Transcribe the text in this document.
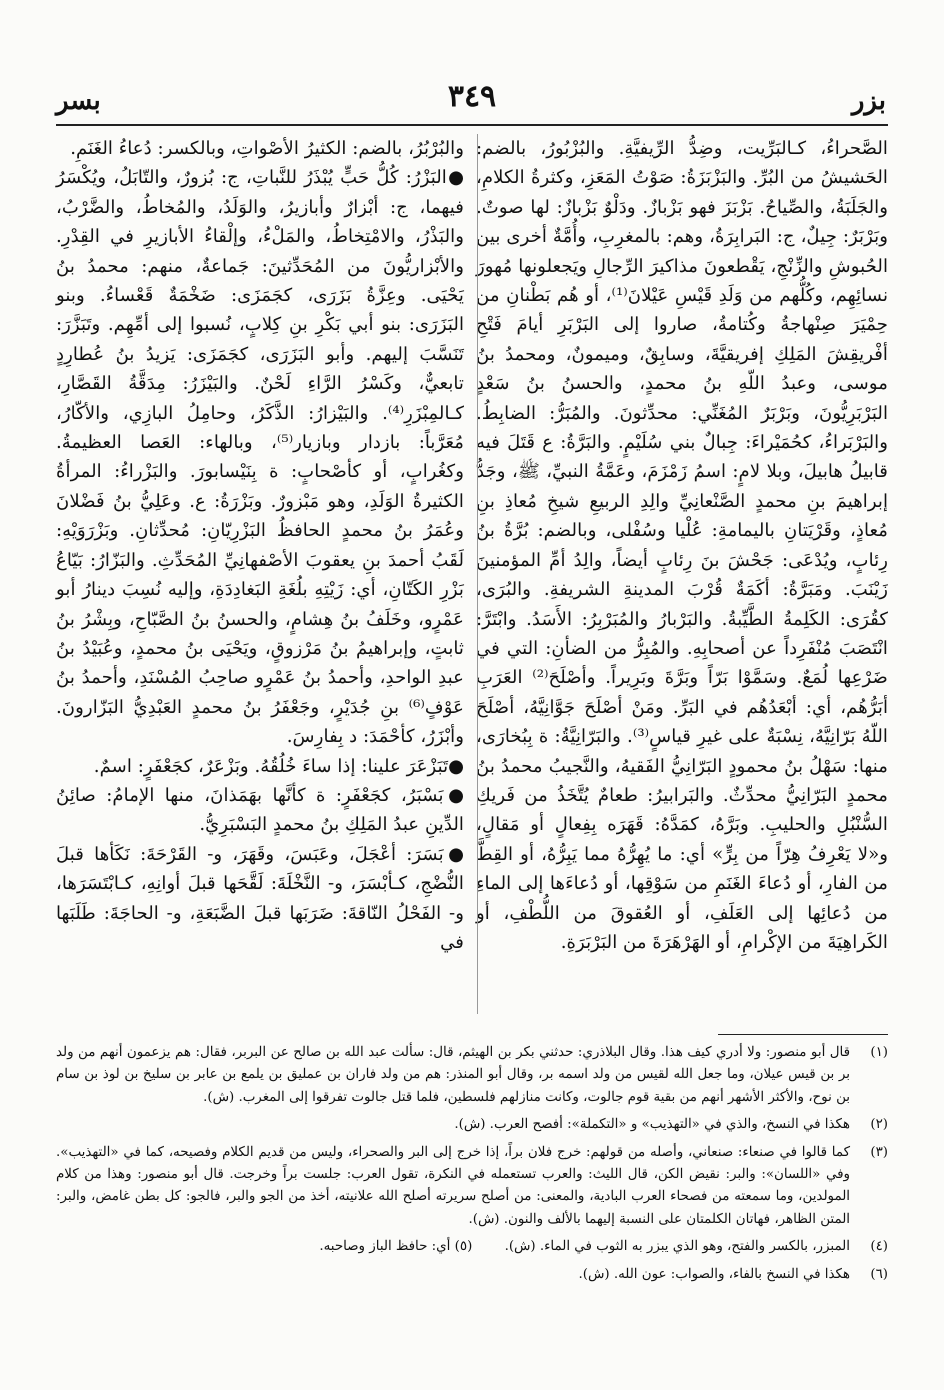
بزر
٣٤٩
بسر

الصَّحراءُ، كـالبَرِّيت، وضِدُّ الرِّيفيَّةِ. والبُزْبُورُ، بالضم: الحَشيشُ من البُرِّ. والبَزْبَزَةُ: صَوْتُ المَعَزِ، وكثرةُ الكلامِ، والجَلَبَةُ، والصِّياحُ. بَزْبَزَ فهو بَزْبازٌ. ودَلْوٌ بَزْبازٌ: لها صوتٌ. وبَرْبَرٌ: جِيلٌ، ج: البَرابِرَةُ، وهم: بالمغرِبِ، وأُمَّةٌ أخرى بين الحُبوشِ والزِّنْجِ، يَقْطعونَ مذاكيرَ الرِّجالِ ويَجعلونها مُهورَ نسائِهِم، وكُلُّهم من وَلَدِ قَيْسِ عَيْلانَ⁽¹⁾، أو هُم بَطْنانِ من حِمْيَرَ صِنْهاجةُ وكُتامةُ، صاروا إلى البَرْبَرِ أيامَ فَتْحِ أفْريقِشَ المَلِكِ إفريقيَّةَ، وسابِقٌ، وميمونٌ، ومحمدُ بنُ موسى، وعبدُ اللّهِ بنُ محمدٍ، والحسنُ بنُ سَعْدٍ البَرْبَرِيُّونَ، وبَرْبَرٌ المُغَنِّي: محدِّثونَ. والمُبَرُّ: الضابِطُ. والبَرْبَراءُ، كحُمَيْراءَ: جِبالٌ بني سُلَيْمٍ. والبَرَّةُ: ع قَتَلَ فيه قابيلُ هابيلَ، وبلا لامٍ: اسمُ زَمْزَمَ، وعَمَّةُ النبيِّ، ﷺ، وجَدُّ إبراهيمَ بنِ محمدٍ الصَّنْعانِيِّ والِدِ الربيعِ شيخِ مُعاذِ بنِ مُعاذٍ، وقَرْيَتانِ باليمامةِ: عُلْيا وسُفْلى، وبالضم: بُرَّةُ بنُ رِئابٍ، ويُدْعَى: جَحْشَ بنَ رِئابٍ أيضاً، والِدُ أمِّ المؤمنينَ زَيْنَبَ. ومَبَرَّةُ: أكَمَةٌ قُرْبَ المدينةِ الشريفةِ. والبُرَى، كقُرَى: الكَلِمةُ الطَّيِّبةُ. والبَرْبارُ والمُبَرْبِرُ: الأَسَدُ. وابْتَرَّ: انْتَصَبَ مُنْفَرِداً عن أصحابِهِ. والمُبِرُّ من الضأنِ: التي في ضَرْعِها لُمَعٌ. وسَمَّوْا بَرّاً وبَرَّةَ وبَرِيراً. وأصْلَحَ⁽²⁾ العَرَبِ أبَرُّهُم، أي: أبْعَدُهُم في البَرِّ. ومَنْ أصْلَحَ جَوَّانِيَّهُ، أصْلَحَ اللّهُ بَرّانِيَّهُ، نِسْبَةٌ على غيرِ قياسٍ⁽³⁾. والبَرّانِيَّةُ: ة بِبُخارَى، منها: سَهْلُ بنُ محمودٍ البَرّانِيُّ الفَقيهُ، والنَّجيبُ محمدُ بنُ محمدٍ البَرّانِيُّ محدِّثٌ. والبَرابيرُ: طعامٌ يُتَّخَذُ من فَريكِ السُّنْبُلِ والحليبِ. وبَرَّهُ، كمَدَّهُ: قَهَرَه بِفِعالٍ أو مَقالٍ، و«لا يَعْرِفُ هِرّاً من بِرٍّ» أي: ما يُهِرُّهُ مما يَبِرُّهُ، أو القِطَّ من الفارِ، أو دُعاءَ الغَنَمِ من سَوْقِها، أو دُعاءَها إلى الماءِ من دُعائِها إلى العَلَفِ، أو العُقوقَ من اللُّطْفِ، أو الكَراهِيَةَ من الإكْرامِ، أو الهَرْهَرَةَ من البَرْبَرَةِ.

والبُرْبُرُ، بالضم: الكثيرُ الأصْواتِ، وبالكسر: دُعاءُ الغَنَمِ.

●البَزْرُ: كُلُّ حَبٍّ يُبْذَرُ للنَّباتِ، ج: بُزورٌ، والتّابَلُ، ويُكْسَرُ فيهما، ج: أبْزارٌ وأبازيرُ، والوَلَدُ، والمُخاطُ، والضَّرْبُ، والبَذْرُ، والامْتِخاطُ، والمَلْءُ، وإلْقاءُ الأبازيرِ في القِدْرِ. والأبْزاريُّونَ من المُحَدِّثينَ: جَماعةٌ، منهم: محمدُ بنُ يَحْيَى. وعِزَّةُ بَزَرَى، كجَمَزَى: ضَخْمَةٌ قَعْساءُ. وبنو البَزَرَى: بنو أبي بَكْرِ بنِ كِلابٍ، نُسبوا إلى أمِّهِم. وتَبَزَّرَ: تَنَسَّبَ إليهم. وأبو البَزَرَى، كجَمَزَى: يَزيدُ بنُ عُطارِدٍ تابعيٌّ، وكَسْرُ الرَّاءِ لَحْنٌ. والبَيْزَرُ: مِدَقَّةُ القَصَّارِ، كـالمِبْزَرِ⁽⁴⁾. والبَيْزارُ: الذَّكَرُ، وحامِلُ البازِي، والأكّارُ، مُعَرَّباً: بازدار وبازيار⁽⁵⁾، وبالهاء: العَصا العظيمةُ. وكغُرابٍ، أو كأصْحابٍ: ة بِنَيْسابورَ. والبَزْراءُ: المرأةُ الكثيرةُ الوَلَدِ، وهو مَبْزورٌ. وبَزْرَةُ: ع. وعَلِيُّ بنُ فَضْلانَ وعُمَرُ بنُ محمدٍ الحافظُ البَزْرِيّانِ: مُحدِّثانِ. وبَزْرَوَيْهِ: لَقَبُ أحمدَ بنِ يعقوبَ الأصْفهانِيِّ المُحَدِّثِ. والبَزّارُ: بَيّاعُ بَزْرِ الكَتّانِ، أي: زَيْتِهِ بلُغَةِ البَغادِدَةِ، وإليه نُسِبَ دينارُ أبو عَمْرٍو، وخَلَفُ بنُ هِشامٍ، والحسنُ بنُ الصَّبّاحِ، وبِشْرُ بنُ ثابتٍ، وإبراهيمُ بنُ مَرْزوقٍ، ويَحْيَى بنُ محمدٍ، وعُبَيْدُ بنُ عبدِ الواحدِ، وأحمدُ بنُ عَمْرٍو صاحِبُ المُسْنَدِ، وأحمدُ بنُ عَوْفٍ⁽⁶⁾ بنِ جُدَيْرٍ، وجَعْفَرُ بنُ محمدٍ العَبْدِيُّ البَزّارونَ. وأبْزَرُ، كأحْمَدَ: د بِفارِسَ.

●تَبَزْعَرَ علينا: إذا ساءَ خُلُقُهُ. وبَزْعَرٌ، كجَعْفَرٍ: اسمٌ.

●بَسْبَرُ، كجَعْفَرٍ: ة كأنَّها بهَمَذانَ، منها الإمامُ: صائِنُ الدِّينِ عبدُ المَلِكِ بنُ محمدٍ البَسْبَرِيُّ.

●بَسَرَ: أعْجَلَ، وعَبَسَ، وقَهَرَ، و- القَرْحَةَ: نَكَأها قبلَ النُّضْجِ، كـأبْسَرَ، و- النَّخْلَةَ: لَقَّحَها قبلَ أوانِهِ، كـابْتَسَرَها، و- الفَحْلُ النّاقةَ: ضَرَبَها قبلَ الضَّبَعَةِ، و- الحاجَةَ: طَلَبَها في

(١)
قال أبو منصور: ولا أدري كيف هذا. وقال البلاذري: حدثني بكر بن الهيثم، قال: سألت عبد الله بن صالح عن البربر، فقال: هم يزعمون أنهم من ولد بر بن قيس عيلان، وما جعل الله لقيس من ولد اسمه بر، وقال أبو المنذر: هم من ولد فاران بن عمليق بن يلمع بن عابر بن سليخ بن لوذ بن سام بن نوح، والأكثر الأشهر أنهم من بقية قوم جالوت، وكانت منازلهم فلسطين، فلما قتل جالوت تفرقوا إلى المغرب. (ش).
(٢)
هكذا في النسخ، والذي في «التهذيب» و «التكملة»: أفصح العرب. (ش).
(٣)
كما قالوا في صنعاء: صنعاني، وأصله من قولهم: خرج فلان براً، إذا خرج إلى البر والصحراء، وليس من قديم الكلام وفصيحه، كما في «التهذيب». وفي «اللسان»: والبر: نقيض الكن، قال الليث: والعرب تستعمله في النكرة، تقول العرب: جلست براً وخرجت. قال أبو منصور: وهذا من كلام المولدين، وما سمعته من فصحاء العرب البادية، والمعنى: من أصلح سريرته أصلح الله علانيته، أخذ من الجو والبر، فالجو: كل بطن غامض، والبر: المتن الظاهر، فهاتان الكلمتان على النسبة إليهما بالألف والنون. (ش).
(٤)
المبزر، بالكسر والفتح، وهو الذي يبزر به الثوب في الماء. (ش). (٥) أي: حافظ الباز وصاحبه.
(٦)
هكذا في النسخ بالفاء، والصواب: عون الله. (ش).
